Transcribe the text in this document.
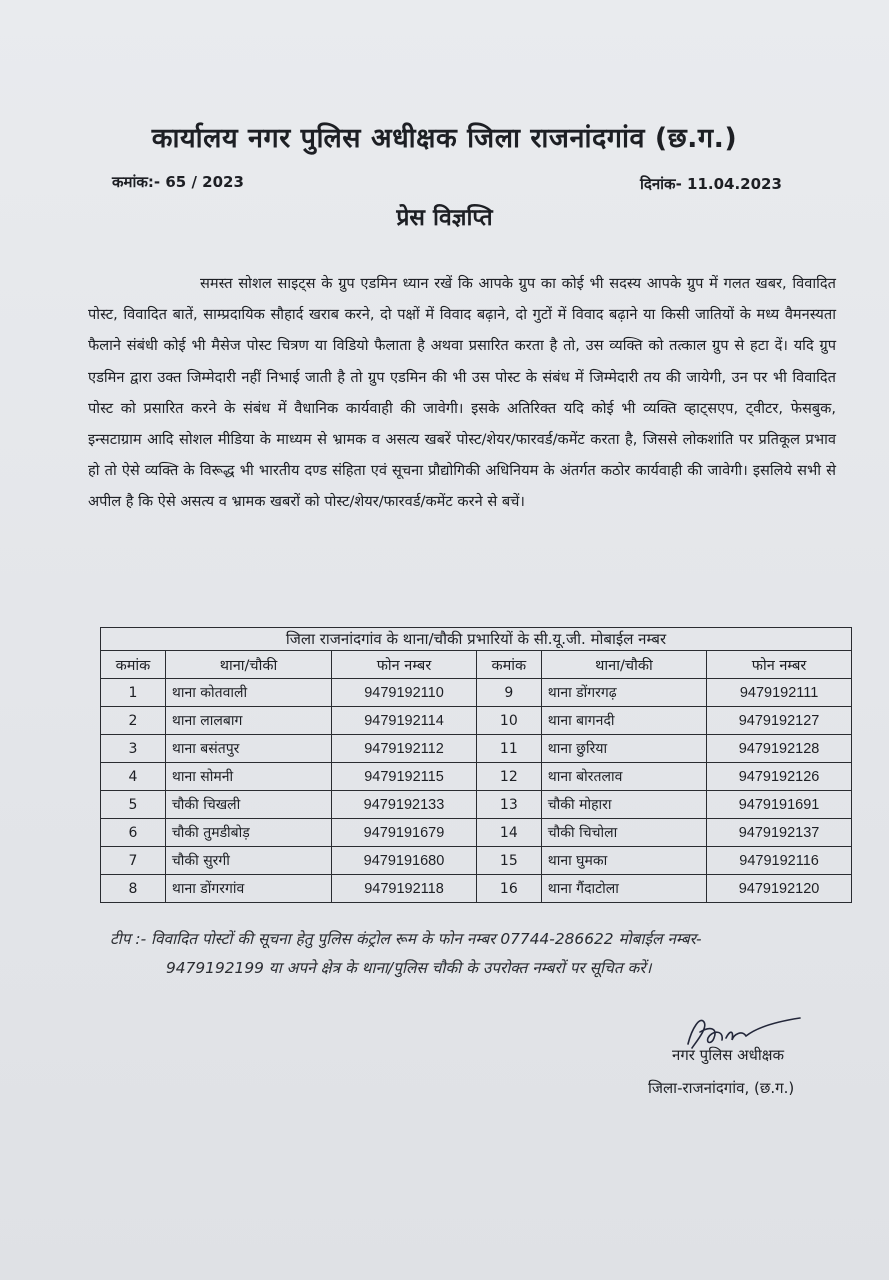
कार्यालय नगर पुलिस अधीक्षक जिला राजनांदगांव (छ.ग.)
कमांक:- 65 / 2023	दिनांक- 11.04.2023
प्रेस विज्ञप्ति
समस्त सोशल साइट्स के ग्रुप एडमिन ध्यान रखें कि आपके ग्रुप का कोई भी सदस्य आपके ग्रुप में गलत खबर, विवादित पोस्ट, विवादित बातें, साम्प्रदायिक सौहार्द खराब करने, दो पक्षों में विवाद बढ़ाने, दो गुटों में विवाद बढ़ाने या किसी जातियों के मध्य वैमनस्यता फैलाने संबंधी कोई भी मैसेज पोस्ट चित्रण या विडियो फैलाता है अथवा प्रसारित करता है तो, उस व्यक्ति को तत्काल ग्रुप से हटा दें। यदि ग्रुप एडमिन द्वारा उक्त जिम्मेदारी नहीं निभाई जाती है तो ग्रुप एडमिन की भी उस पोस्ट के संबंध में जिम्मेदारी तय की जायेगी, उन पर भी विवादित पोस्ट को प्रसारित करने के संबंध में वैधानिक कार्यवाही की जावेगी। इसके अतिरिक्त यदि कोई भी व्यक्ति व्हाट्सएप, ट्वीटर, फेसबुक, इन्सटाग्राम आदि सोशल मीडिया के माध्यम से भ्रामक व असत्य खबरें पोस्ट/शेयर/फारवर्ड/कमेंट करता है, जिससे लोकशांति पर प्रतिकूल प्रभाव हो तो ऐसे व्यक्ति के विरूद्ध भी भारतीय दण्ड संहिता एवं सूचना प्रौद्योगिकी अधिनियम के अंतर्गत कठोर कार्यवाही की जावेगी। इसलिये सभी से अपील है कि ऐसे असत्य व भ्रामक खबरों को पोस्ट/शेयर/फारवर्ड/कमेंट करने से बचें।
जिला राजनांदगांव के थाना/चौकी प्रभारियों के सी.यू.जी. मोबाईल नम्बर					
कमांक	थाना/चौकी	फोन नम्बर	कमांक	थाना/चौकी	फोन नम्बर
1	थाना कोतवाली	9479192110	9	थाना डोंगरगढ़	9479192111
2	थाना लालबाग	9479192114	10	थाना बागनदी	9479192127
3	थाना बसंतपुर	9479192112	11	थाना छुरिया	9479192128
4	थाना सोमनी	9479192115	12	थाना बोरतलाव	9479192126
5	चौकी चिखली	9479192133	13	चौकी मोहारा	9479191691
6	चौकी तुमडीबोड़	9479191679	14	चौकी चिचोला	9479192137
7	चौकी सुरगी	9479191680	15	थाना घुमका	9479192116
8	थाना डोंगरगांव	9479192118	16	थाना गैंदाटोला	9479192120
टीप :- विवादित पोस्टों की सूचना हेतु पुलिस कंट्रोल रूम के फोन नम्बर 07744-286622 मोबाईल नम्बर-
9479192199 या अपने क्षेत्र के थाना/पुलिस चौकी के उपरोक्त नम्बरों पर सूचित करें।
नगर पुलिस अधीक्षक
जिला-राजनांदगांव, (छ.ग.)
